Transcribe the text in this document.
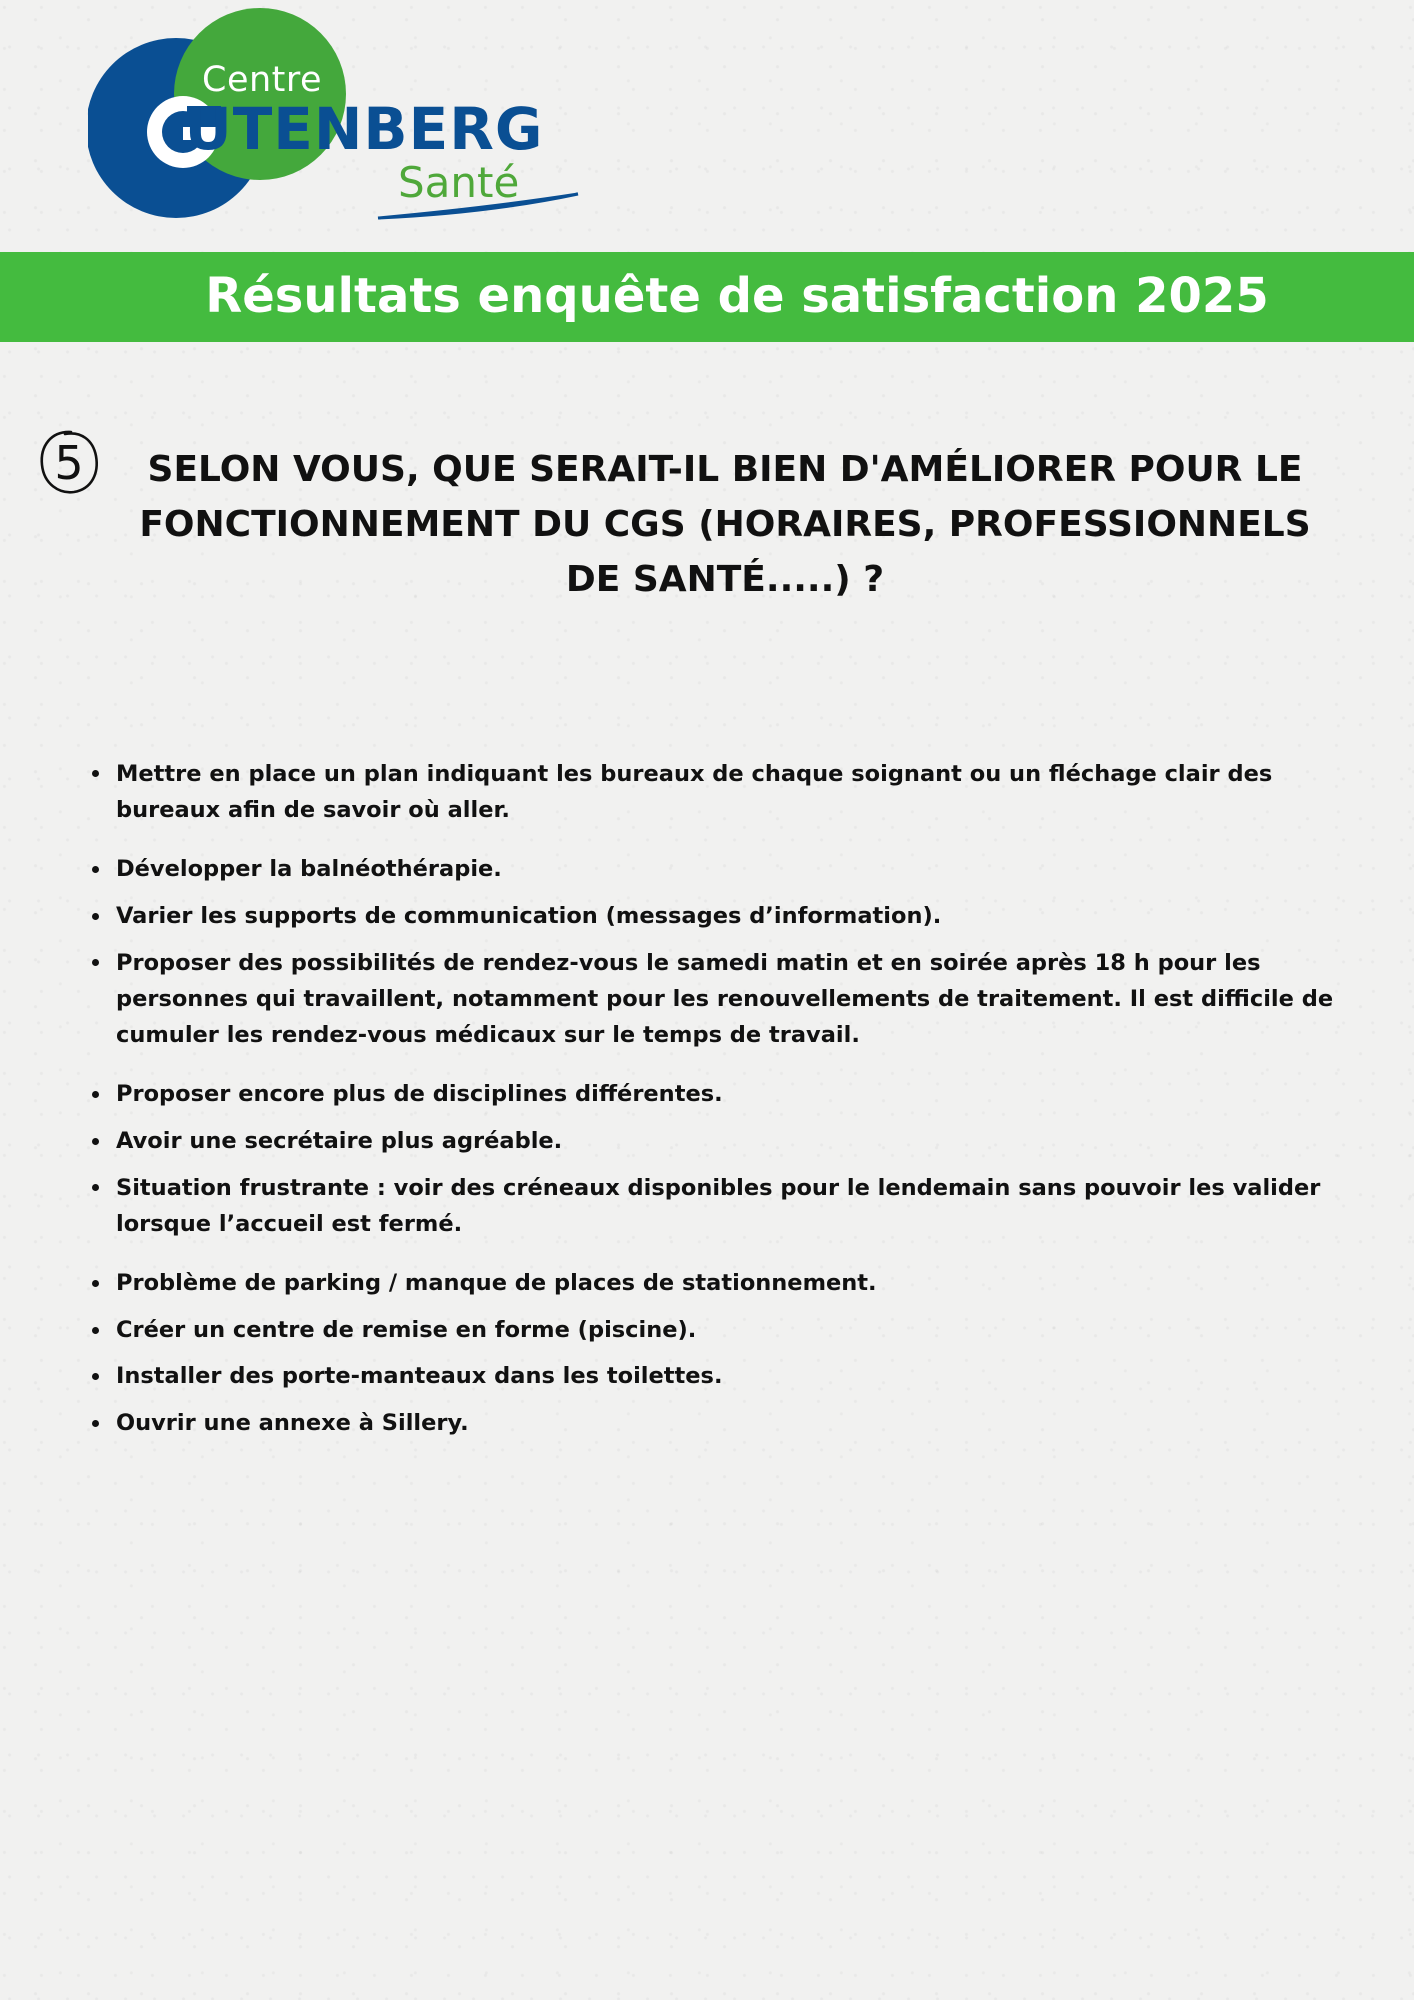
Centre
UTENBERG
Santé
Résultats enquête de satisfaction 2025
5	SELON VOUS, QUE SERAIT-IL BIEN D'AMÉLIORER POUR LE FONCTIONNEMENT DU CGS (HORAIRES, PROFESSIONNELS DE SANTÉ.....) ?
Mettre en place un plan indiquant les bureaux de chaque soignant ou un fléchage clair des bureaux afin de savoir où aller.
Développer la balnéothérapie.
Varier les supports de communication (messages d’information).
Proposer des possibilités de rendez-vous le samedi matin et en soirée après 18 h pour les personnes qui travaillent, notamment pour les renouvellements de traitement. Il est difficile de cumuler les rendez-vous médicaux sur le temps de travail.
Proposer encore plus de disciplines différentes.
Avoir une secrétaire plus agréable.
Situation frustrante : voir des créneaux disponibles pour le lendemain sans pouvoir les valider lorsque l’accueil est fermé.
Problème de parking / manque de places de stationnement.
Créer un centre de remise en forme (piscine).
Installer des porte-manteaux dans les toilettes.
Ouvrir une annexe à Sillery.
